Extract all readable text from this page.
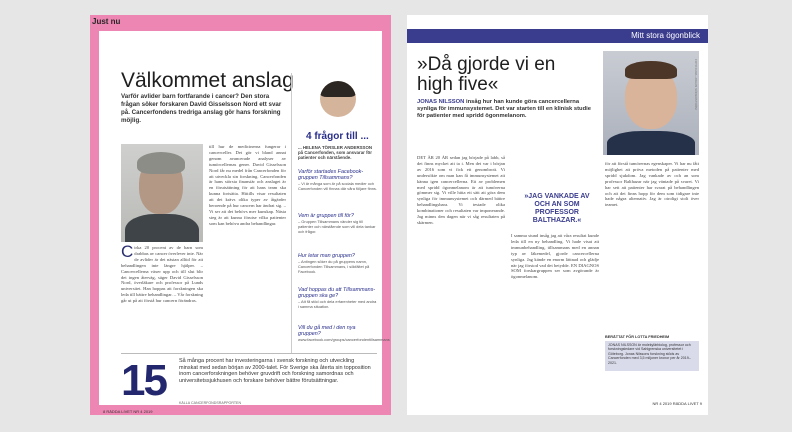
Just nu
Välkommet anslag
Varför avlider barn fortfarande i cancer? Den stora frågan söker forskaren David Gisselsson Nord ett svar på. Cancerfondens tredriga anslag gör hans forskning möjlig.
Cirka 20 procent av de barn som drabbas av cancer överlever inte. När de avlider är det nästan alltid för att behandlingen inte längre hjälper. – Cancercellerna växer upp och till slut blir det ingen återväg, säger David Gisselsson Nord, överläkare och professor på Lunds universitet. Han hoppas att forskningen ska leda till bättre behandlingar. – Vår forskning går ut på att förstå hur cancern förändras.
till hur de medicinerna fungerar i cancerceller. Det gör vi bland annat genom avancerade analyser av tumörcellernas gener. David Gisselsson Nord får nu medel från Cancerfonden för att utveckla sin forskning. Cancerfonden är hans största finansiär och anslaget är en förutsättning för att hans team ska kunna fortsätta. Hittills visar resultaten att det krävs olika typer av åtgärder beroende på hur cancern har ändrat sig. – Vi ser att det behövs mer kunskap. Nästa steg är att kunna förutse vilka patienter som kan behöva andra behandlingar.
4 frågor till ...
... HELENA TÖRSLER ANDERSSON på Cancerfonden, som ansvarar för patienter och närstående.
Varför startades Facebook-gruppen Tillsammans?
– Vi är många som är på sociala medier och Cancerfonden vill finnas där våra följare finns.
Vem är gruppen till för?
– Gruppen Tillsammans vänder sig till patienter och närstående som vill dela tankar och frågor.
Hur letar man gruppen?
– Antingen söker du på gruppens namn, Cancerfonden Tillsammans, i sökfältet på Facebook.
Vad hoppas du att Tillsammans-gruppen ska ge?
– Att få stöd och dela erfarenheter med andra i samma situation.
Vill du gå med i den nya gruppen?
www.facebook.com/groups/cancerfondentillsammans
15 Så många procent har investeringarna i svensk forskning och utveckling minskat med sedan början av 2000-talet. För Sverige ska återta sin topposition inom cancerforskningen behöver gruvdrift och forskning samordnas och universitetssjukhusen och forskare behöver bättre förutsättningar.
KÄLLA CANCERFONDSRAPPORTEN
8 RÄDDA LIVET NR 4 2019
Mitt stora ögonblick
»Då gjorde vi en high five«
JONAS NILSSON insåg hur han kunde göra cancercellerna synliga för immunsystemet. Det var starten till en klinisk studie för patienter med spridd ögonmelanom.
FOTO CARL-JOHAN SÖDERSTRÖM
DET ÄR 20 ÅR sedan jag började på labb, så det finns mycket att ta i. Men det var i början av 2016 som vi fick ett genombrott. Vi undersökte om man kan få immunsystemet att känna igen cancercellerna. Ett av problemen med spridd ögonmelanom är att tumörerna gömmer sig. Vi ville hitta ett sätt att göra dem synliga för immunsystemet och därmed bättre behandlingsbara. Vi testade olika kombinationer och resultaten var imponerande. Jag minns den dagen när vi såg resultaten på skärmen.
»JAG VANKADE AV OCH AN SOM PROFESSOR BALTHAZAR.«
I samma stund insåg jag att våra resultat kunde leda till en ny behandling. Vi hade visat att immunbehandling, tillsammans med en annan typ av läkemedel, gjorde cancercellerna synliga. Jag kände en enorm lättnad och glädje när jag förstod vad det betydde. EN DIAGNOS SOM forskargruppen ser som avgörande är ögonmelanom.
för att förstå tumörernas egenskaper. Vi har nu fått möjlighet att pröva metoden på patienter med spridd sjukdom. Jag vankade av och an som professor Balthazar när jag väntade på svaret. Vi har sett att patienter har svarat på behandlingen och att det finns hopp för dem som tidigare inte hade några alternativ. Jag är otroligt stolt över teamet.
BERÄTTAT FÖR LOTTA FRIEDHEIM
JONAS NILSSON är molekylärbiolog, professor och forskningsledare vid Sahlgrenska universitetet i Göteborg. Jonas Nilssons forskning stöds av Cancerfonden med 3,5 miljoner kronor per år 2019–2021.
NR 4 2019 RÄDDA LIVET 9
